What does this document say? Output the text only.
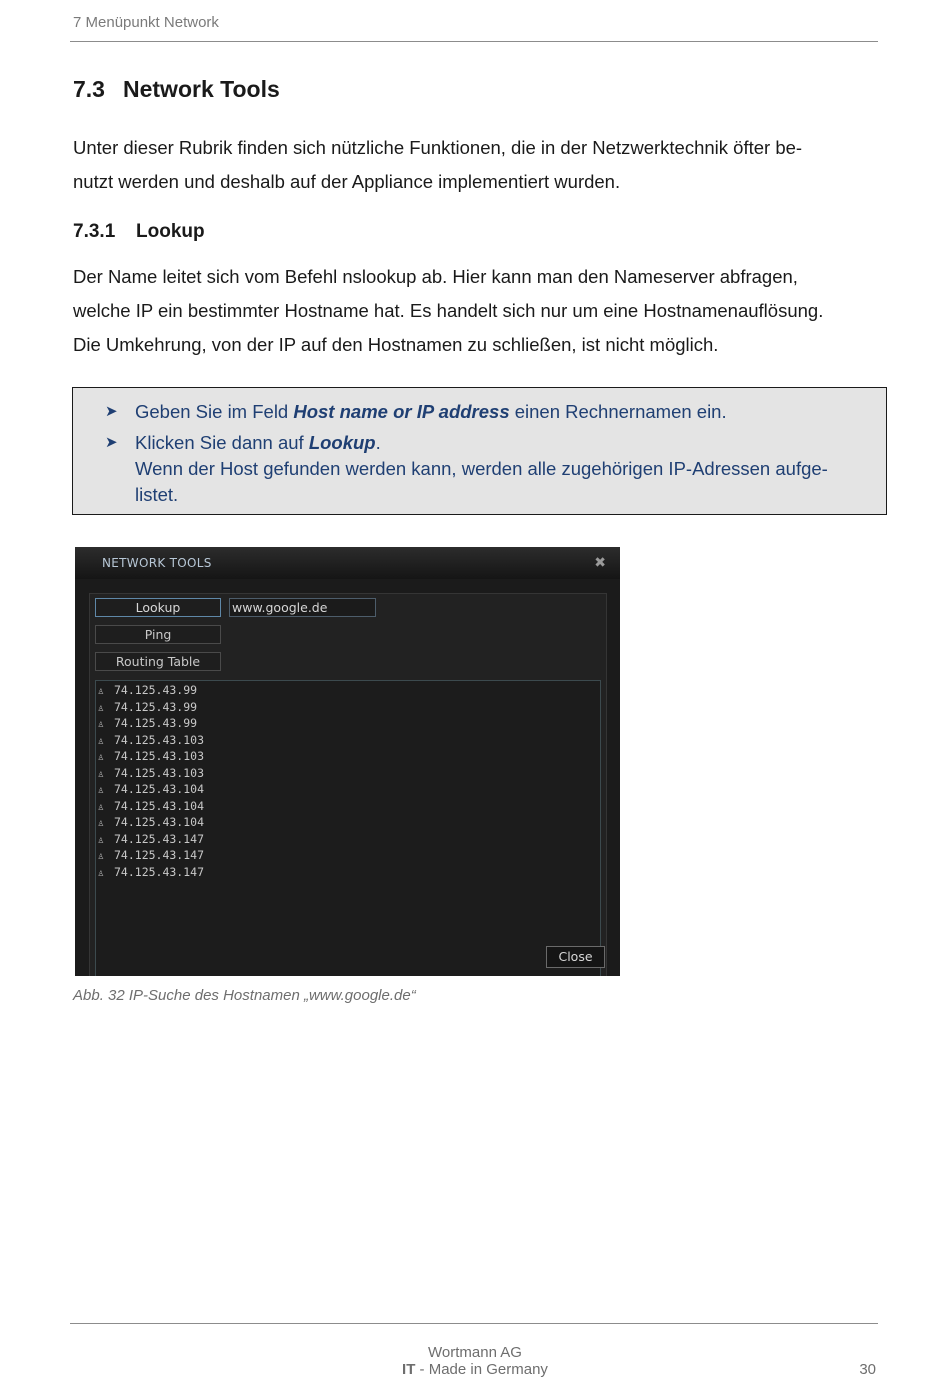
7 Menüpunkt Network
7.3 Network Tools
Unter dieser Rubrik finden sich nützliche Funktionen, die in der Netzwerktechnik öfter be-
nutzt werden und deshalb auf der Appliance implementiert wurden.
7.3.1 Lookup
Der Name leitet sich vom Befehl nslookup ab. Hier kann man den Nameserver abfragen,
welche IP ein bestimmter Hostname hat. Es handelt sich nur um eine Hostnamenauflösung.
Die Umkehrung, von der IP auf den Hostnamen zu schließen, ist nicht möglich.
➤ Geben Sie im Feld Host name or IP address einen Rechnernamen ein.
➤ Klicken Sie dann auf Lookup.
Wenn der Host gefunden werden kann, werden alle zugehörigen IP-Adressen aufge-
listet.
NETWORK TOOLS	✖
Lookup	www.google.de
Ping
Routing Table
♙ 74.125.43.99
♙ 74.125.43.99
♙ 74.125.43.99
♙ 74.125.43.103
♙ 74.125.43.103
♙ 74.125.43.103
♙ 74.125.43.104
♙ 74.125.43.104
♙ 74.125.43.104
♙ 74.125.43.147
♙ 74.125.43.147
♙ 74.125.43.147
Close
Abb. 32 IP-Suche des Hostnamen „www.google.de“
Wortmann AG
IT - Made in Germany	30
